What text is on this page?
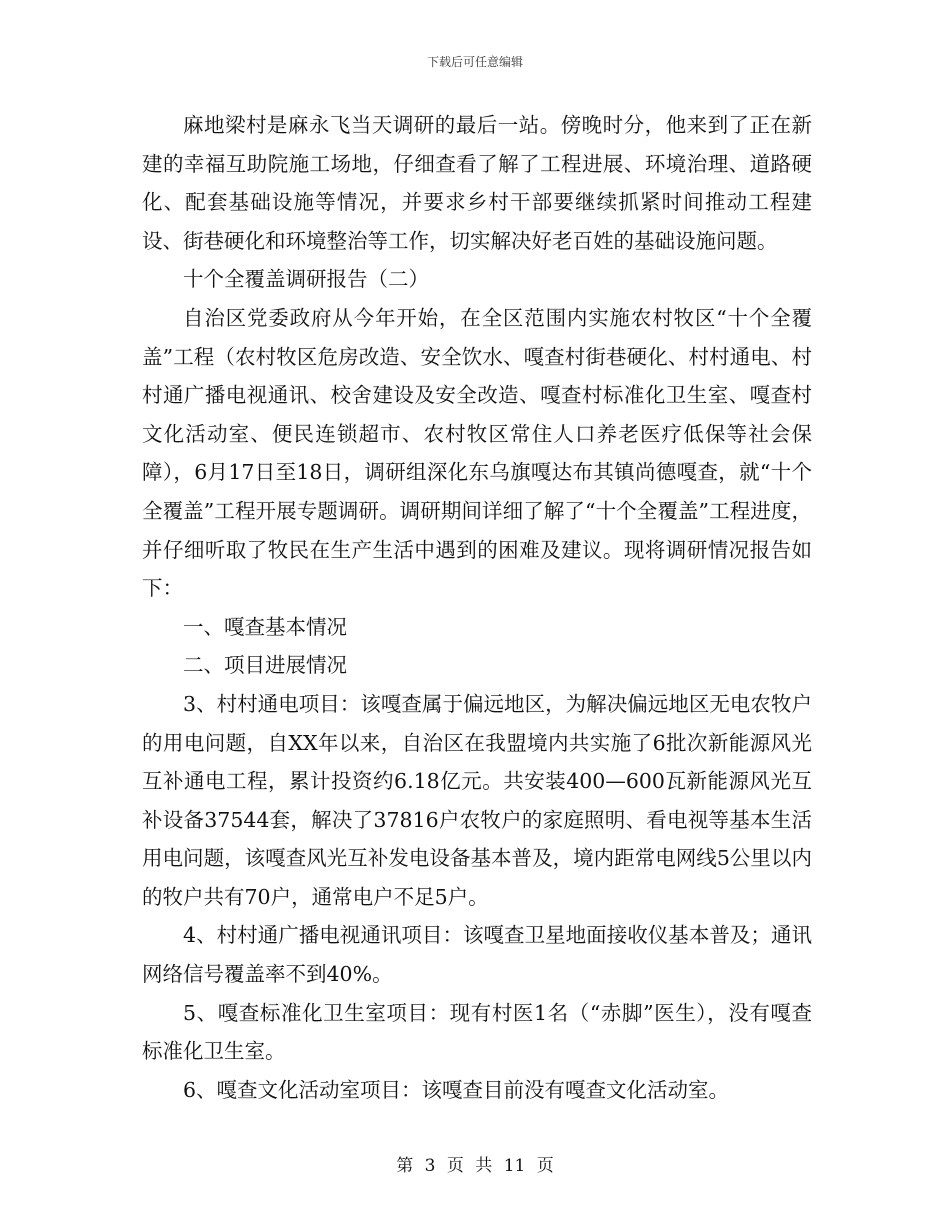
下载后可任意编辑

麻地梁村是麻永飞当天调研的最后一站。傍晚时分，他来到了正在新建的幸福互助院施工场地，仔细查看了解了工程进展、环境治理、道路硬化、配套基础设施等情况，并要求乡村干部要继续抓紧时间推动工程建设、街巷硬化和环境整治等工作，切实解决好老百姓的基础设施问题。

十个全覆盖调研报告（二）

自治区党委政府从今年开始，在全区范围内实施农村牧区“十个全覆盖”工程（农村牧区危房改造、安全饮水、嘎查村街巷硬化、村村通电、村村通广播电视通讯、校舍建设及安全改造、嘎查村标准化卫生室、嘎查村文化活动室、便民连锁超市、农村牧区常住人口养老医疗低保等社会保障），6月17日至18日，调研组深化东乌旗嘎达布其镇尚德嘎查，就“十个全覆盖”工程开展专题调研。调研期间详细了解了“十个全覆盖”工程进度，并仔细听取了牧民在生产生活中遇到的困难及建议。现将调研情况报告如下：

一、嘎查基本情况

二、项目进展情况

3、村村通电项目：该嘎查属于偏远地区，为解决偏远地区无电农牧户的用电问题，自XX年以来，自治区在我盟境内共实施了6批次新能源风光互补通电工程，累计投资约6.18亿元。共安装400—600瓦新能源风光互补设备37544套，解决了37816户农牧户的家庭照明、看电视等基本生活用电问题，该嘎查风光互补发电设备基本普及，境内距常电网线5公里以内的牧户共有70户，通常电户不足5户。

4、村村通广播电视通讯项目：该嘎查卫星地面接收仪基本普及；通讯网络信号覆盖率不到40%。

5、嘎查标准化卫生室项目：现有村医1名（“赤脚”医生），没有嘎查标准化卫生室。

6、嘎查文化活动室项目：该嘎查目前没有嘎查文化活动室。

第 3 页 共 11 页
